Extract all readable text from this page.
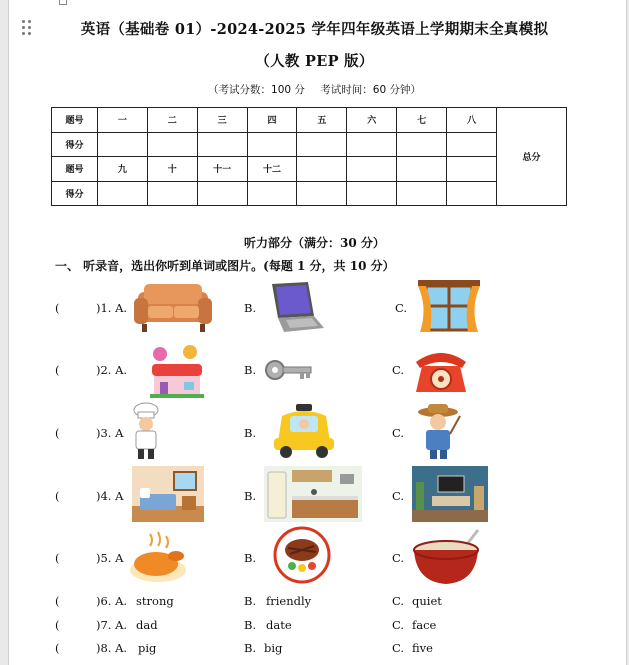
英语（基础卷 01）-2024-2025 学年四年级英语上学期期末全真模拟
（人教 PEP 版）
（考试分数：100 分 考试时间：60 分钟）
题号	一	二	三	四	五	六	七	八	总分
得分									
题号	九	十	十一	十二					
得分									
听力部分（满分：30 分）
一、 听录音，选出你听到单词或图片。(每题 1 分，共 10 分）
(	)1. A.	B.	C.
(	)2. A.	B.	C.
(	)3. A	B.	C.
(	)4. A	B.	C.
(	)5. A	B.	C.
(	)6. A. strong	B. friendly	C. quiet
(	)7. A. dad	B. date	C. face
(	)8. A. pig	B. big	C. five
